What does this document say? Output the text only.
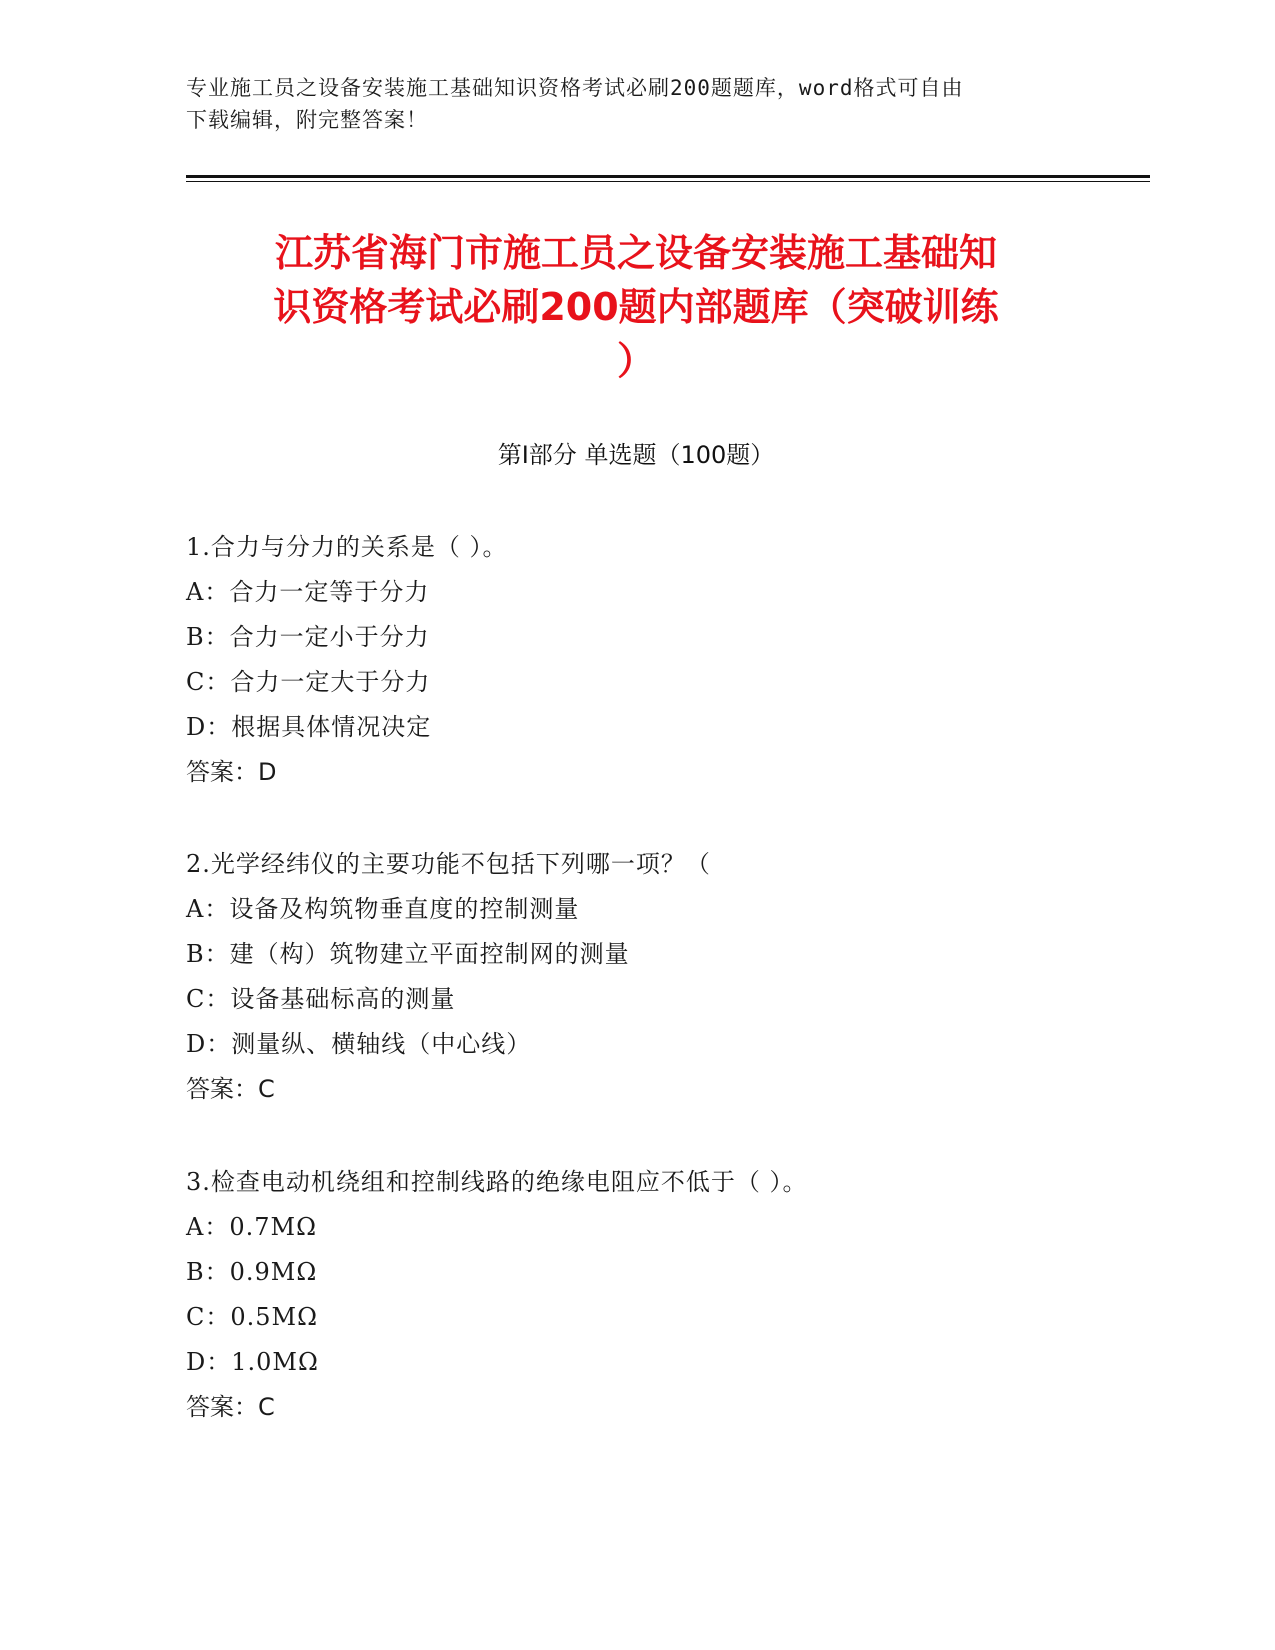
专业施工员之设备安装施工基础知识资格考试必刷200题题库，word格式可自由
下载编辑，附完整答案！
江苏省海门市施工员之设备安装施工基础知
识资格考试必刷200题内部题库（突破训练
）
第Ⅰ部分 单选题（100题）
1.合力与分力的关系是（ ）。
A：合力一定等于分力
B：合力一定小于分力
C：合力一定大于分力
D：根据具体情况决定
答案：D
2.光学经纬仪的主要功能不包括下列哪一项？（
A：设备及构筑物垂直度的控制测量
B：建（构）筑物建立平面控制网的测量
C：设备基础标高的测量
D：测量纵、横轴线（中心线）
答案：C
3.检查电动机绕组和控制线路的绝缘电阻应不低于（ ）。
A：0.7MΩ
B：0.9MΩ
C：0.5MΩ
D：1.0MΩ
答案：C
